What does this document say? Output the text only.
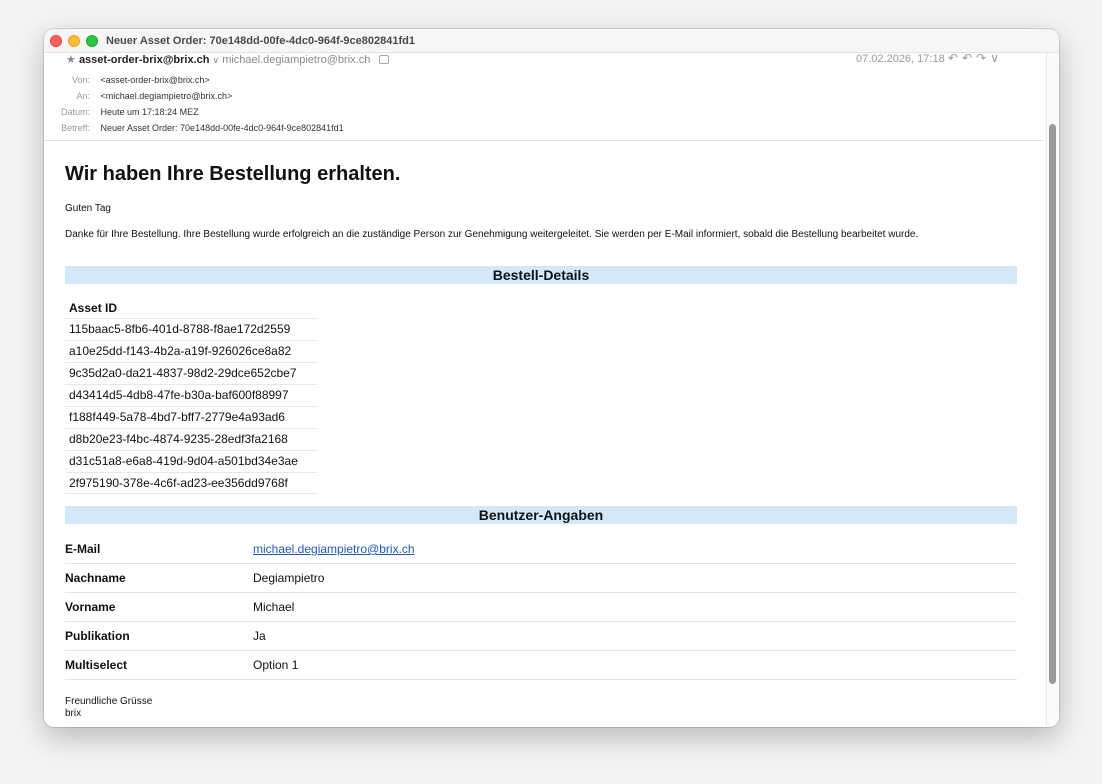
Neuer Asset Order: 70e148dd-00fe-4dc0-964f-9ce802841fd1
★ asset-order-brix@brix.ch ∨ michael.degiampietro@brix.ch	07.02.2026, 17:18 ↶↶↷∨
Von: <asset-order-brix@brix.ch>
An: <michael.degiampietro@brix.ch>
Datum: Heute um 17:18:24 MEZ
Betreff: Neuer Asset Order: 70e148dd-00fe-4dc0-964f-9ce802841fd1
Wir haben Ihre Bestellung erhalten.
Guten Tag
Danke für Ihre Bestellung. Ihre Bestellung wurde erfolgreich an die zuständige Person zur Genehmigung weitergeleitet. Sie werden per E-Mail informiert, sobald die Bestellung bearbeitet wurde.
Bestell-Details
Asset ID
115baac5-8fb6-401d-8788-f8ae172d2559
a10e25dd-f143-4b2a-a19f-926026ce8a82
9c35d2a0-da21-4837-98d2-29dce652cbe7
d43414d5-4db8-47fe-b30a-baf600f88997
f188f449-5a78-4bd7-bff7-2779e4a93ad6
d8b20e23-f4bc-4874-9235-28edf3fa2168
d31c51a8-e6a8-419d-9d04-a501bd34e3ae
2f975190-378e-4c6f-ad23-ee356dd9768f
Benutzer-Angaben
E-Mail	michael.degiampietro@brix.ch
Nachname	Degiampietro
Vorname	Michael
Publikation	Ja
Multiselect	Option 1
Freundliche Grüsse
brix
